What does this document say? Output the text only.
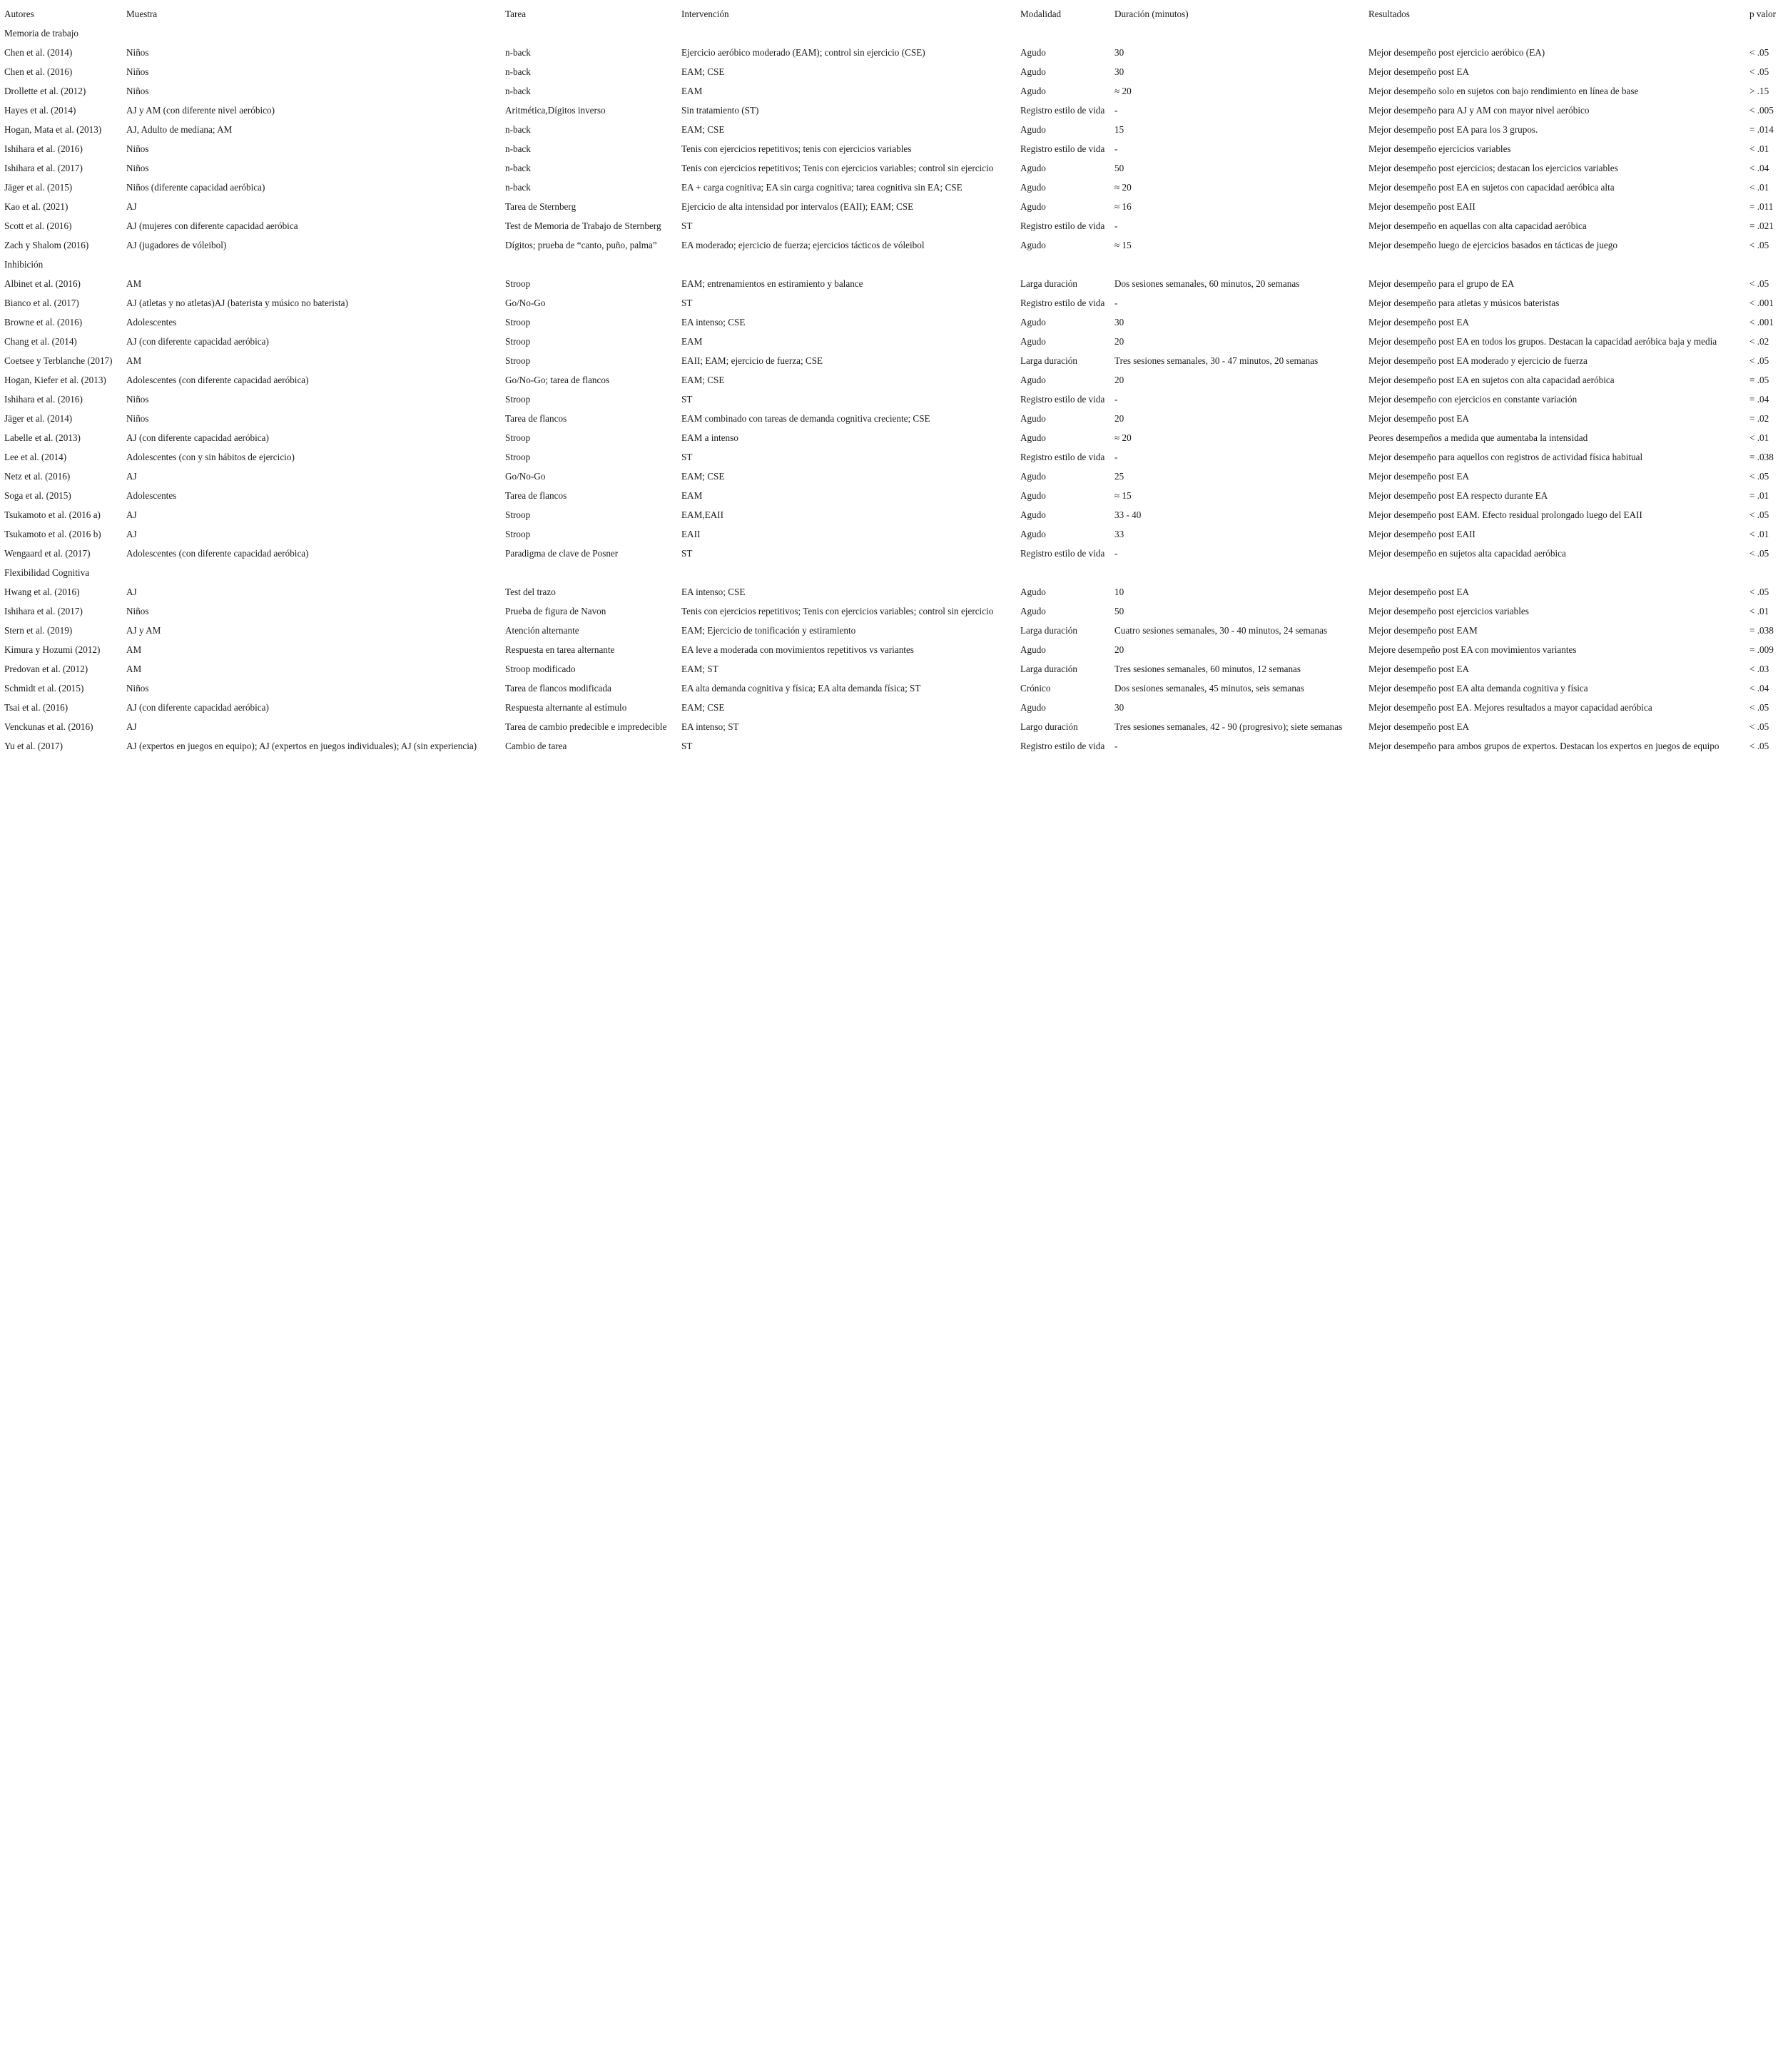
Autores	Muestra	Tarea	Intervención	Modalidad	Duración (minutos)	Resultados	p valor
Memoria de trabajo							
Chen et al. (2014)	Niños	n-back	Ejercicio aeróbico moderado (EAM); control sin ejercicio (CSE)	Agudo	30	Mejor desempeño post ejercicio aeróbico (EA)	< .05
Chen et al. (2016)	Niños	n-back	EAM; CSE	Agudo	30	Mejor desempeño post EA	< .05
Drollette et al. (2012)	Niños	n-back	EAM	Agudo	≈ 20	Mejor desempeño solo en sujetos con bajo rendimiento en línea de base	> .15
Hayes et al. (2014)	AJ y AM (con diferente nivel aeróbico)	Aritmética,Dígitos inverso	Sin tratamiento (ST)	Registro estilo de vida	-	Mejor desempeño para AJ y AM con mayor nivel aeróbico	< .005
Hogan, Mata et al. (2013)	AJ, Adulto de mediana; AM	n-back	EAM; CSE	Agudo	15	Mejor desempeño post EA para los 3 grupos.	= .014
Ishihara et al. (2016)	Niños	n-back	Tenis con ejercicios repetitivos; tenis con ejercicios variables	Registro estilo de vida	-	Mejor desempeño ejercicios variables	< .01
Ishihara et al. (2017)	Niños	n-back	Tenis con ejercicios repetitivos; Tenis con ejercicios variables; control sin ejercicio	Agudo	50	Mejor desempeño post ejercicios; destacan los ejercicios variables	< .04
Jäger et al. (2015)	Niños (diferente capacidad aeróbica)	n-back	EA + carga cognitiva; EA sin carga cognitiva; tarea cognitiva sin EA; CSE	Agudo	≈ 20	Mejor desempeño post EA en sujetos con capacidad aeróbica alta	< .01
Kao et al. (2021)	AJ	Tarea de Sternberg	Ejercicio de alta intensidad por intervalos (EAII); EAM; CSE	Agudo	≈ 16	Mejor desempeño post EAII	= .011
Scott et al. (2016)	AJ (mujeres con diferente capacidad aeróbica	Test de Memoria de Trabajo de Sternberg	ST	Registro estilo de vida	-	Mejor desempeño en aquellas con alta capacidad aeróbica	= .021
Zach y Shalom (2016)	AJ (jugadores de vóleibol)	Dígitos; prueba de “canto, puño, palma”	EA moderado; ejercicio de fuerza; ejercicios tácticos de vóleibol	Agudo	≈ 15	Mejor desempeño luego de ejercicios basados en tácticas de juego	< .05
Inhibición							
Albinet et al. (2016)	AM	Stroop	EAM; entrenamientos en estiramiento y balance	Larga duración	Dos sesiones semanales, 60 minutos, 20 semanas	Mejor desempeño para el grupo de EA	< .05
Bianco et al. (2017)	AJ (atletas y no atletas)AJ (baterista y músico no baterista)	Go/No-Go	ST	Registro estilo de vida	-	Mejor desempeño para atletas y músicos bateristas	< .001
Browne et al. (2016)	Adolescentes	Stroop	EA intenso; CSE	Agudo	30	Mejor desempeño post EA	< .001
Chang et al. (2014)	AJ (con diferente capacidad aeróbica)	Stroop	EAM	Agudo	20	Mejor desempeño post EA en todos los grupos. Destacan la capacidad aeróbica baja y media	< .02
Coetsee y Terblanche (2017)	AM	Stroop	EAII; EAM; ejercicio de fuerza; CSE	Larga duración	Tres sesiones semanales, 30 - 47 minutos, 20 semanas	Mejor desempeño post EA moderado y ejercicio de fuerza	< .05
Hogan, Kiefer et al. (2013)	Adolescentes (con diferente capacidad aeróbica)	Go/No-Go; tarea de flancos	EAM; CSE	Agudo	20	Mejor desempeño post EA en sujetos con alta capacidad aeróbica	= .05
Ishihara et al. (2016)	Niños	Stroop	ST	Registro estilo de vida	-	Mejor desempeño con ejercicios en constante variación	= .04
Jäger et al. (2014)	Niños	Tarea de flancos	EAM combinado con tareas de demanda cognitiva creciente; CSE	Agudo	20	Mejor desempeño post EA	= .02
Labelle et al. (2013)	AJ (con diferente capacidad aeróbica)	Stroop	EAM a intenso	Agudo	≈ 20	Peores desempeños a medida que aumentaba la intensidad	< .01
Lee et al. (2014)	Adolescentes (con y sin hábitos de ejercicio)	Stroop	ST	Registro estilo de vida	-	Mejor desempeño para aquellos con registros de actividad física habitual	= .038
Netz et al. (2016)	AJ	Go/No-Go	EAM; CSE	Agudo	25	Mejor desempeño post EA	< .05
Soga et al. (2015)	Adolescentes	Tarea de flancos	EAM	Agudo	≈ 15	Mejor desempeño post EA respecto durante EA	= .01
Tsukamoto et al. (2016 a)	AJ	Stroop	EAM,EAII	Agudo	33 - 40	Mejor desempeño post EAM. Efecto residual prolongado luego del EAII	< .05
Tsukamoto et al. (2016 b)	AJ	Stroop	EAII	Agudo	33	Mejor desempeño post EAII	< .01
Wengaard et al. (2017)	Adolescentes (con diferente capacidad aeróbica)	Paradigma de clave de Posner	ST	Registro estilo de vida	-	Mejor desempeño en sujetos alta capacidad aeróbica	< .05
Flexibilidad Cognitiva							
Hwang et al. (2016)	AJ	Test del trazo	EA intenso; CSE	Agudo	10	Mejor desempeño post EA	< .05
Ishihara et al. (2017)	Niños	Prueba de figura de Navon	Tenis con ejercicios repetitivos; Tenis con ejercicios variables; control sin ejercicio	Agudo	50	Mejor desempeño post ejercicios variables	< .01
Stern et al. (2019)	AJ y AM	Atención alternante	EAM; Ejercicio de tonificación y estiramiento	Larga duración	Cuatro sesiones semanales, 30 - 40 minutos, 24 semanas	Mejor desempeño post EAM	= .038
Kimura y Hozumi (2012)	AM	Respuesta en tarea alternante	EA leve a moderada con movimientos repetitivos vs variantes	Agudo	20	Mejore desempeño post EA con movimientos variantes	= .009
Predovan et al. (2012)	AM	Stroop modificado	EAM; ST	Larga duración	Tres sesiones semanales, 60 minutos, 12 semanas	Mejor desempeño post EA	< .03
Schmidt et al. (2015)	Niños	Tarea de flancos modificada	EA alta demanda cognitiva y física; EA alta demanda física; ST	Crónico	Dos sesiones semanales, 45 minutos, seis semanas	Mejor desempeño post EA alta demanda cognitiva y física	< .04
Tsai et al. (2016)	AJ (con diferente capacidad aeróbica)	Respuesta alternante al estímulo	EAM; CSE	Agudo	30	Mejor desempeño post EA. Mejores resultados a mayor capacidad aeróbica	< .05
Venckunas et al. (2016)	AJ	Tarea de cambio predecible e impredecible	EA intenso; ST	Largo duración	Tres sesiones semanales, 42 - 90 (progresivo); siete semanas	Mejor desempeño post EA	< .05
Yu et al. (2017)	AJ (expertos en juegos en equipo); AJ (expertos en juegos individuales); AJ (sin experiencia)	Cambio de tarea	ST	Registro estilo de vida	-	Mejor desempeño para ambos grupos de expertos. Destacan los expertos en juegos de equipo	< .05
